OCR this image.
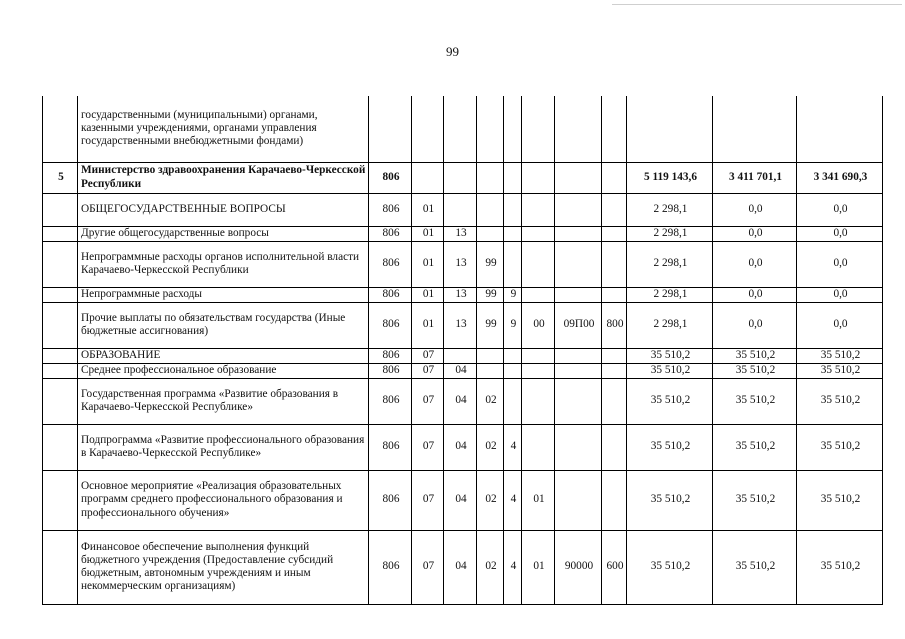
99
	государственными (муниципальными) органами, казенными учреждениями, органами управления государственными внебюджетными фондами)											
5	Министерство здравоохранения Карачаево-Черкесской Республики	806								5 119 143,6	3 411 701,1	3 341 690,3
	ОБЩЕГОСУДАРСТВЕННЫЕ ВОПРОСЫ	806	01							2 298,1	0,0	0,0
	Другие общегосударственные вопросы	806	01	13						2 298,1	0,0	0,0
	Непрограммные расходы органов исполнительной власти Карачаево-Черкесской Республики	806	01	13	99					2 298,1	0,0	0,0
	Непрограммные расходы	806	01	13	99	9				2 298,1	0,0	0,0
	Прочие выплаты по обязательствам государства (Иные бюджетные ассигнования)	806	01	13	99	9	00	09П00	800	2 298,1	0,0	0,0
	ОБРАЗОВАНИЕ	806	07							35 510,2	35 510,2	35 510,2
	Среднее профессиональное образование	806	07	04						35 510,2	35 510,2	35 510,2
	Государственная программа «Развитие образования в Карачаево-Черкесской Республике»	806	07	04	02					35 510,2	35 510,2	35 510,2
	Подпрограмма «Развитие профессионального образования в Карачаево-Черкесской Республике»	806	07	04	02	4				35 510,2	35 510,2	35 510,2
	Основное мероприятие «Реализация образовательных программ среднего профессионального образования и профессионального обучения»	806	07	04	02	4	01			35 510,2	35 510,2	35 510,2
	Финансовое обеспечение выполнения функций бюджетного учреждения (Предоставление субсидий бюджетным, автономным учреждениям и иным некоммерческим организациям)	806	07	04	02	4	01	90000	600	35 510,2	35 510,2	35 510,2
